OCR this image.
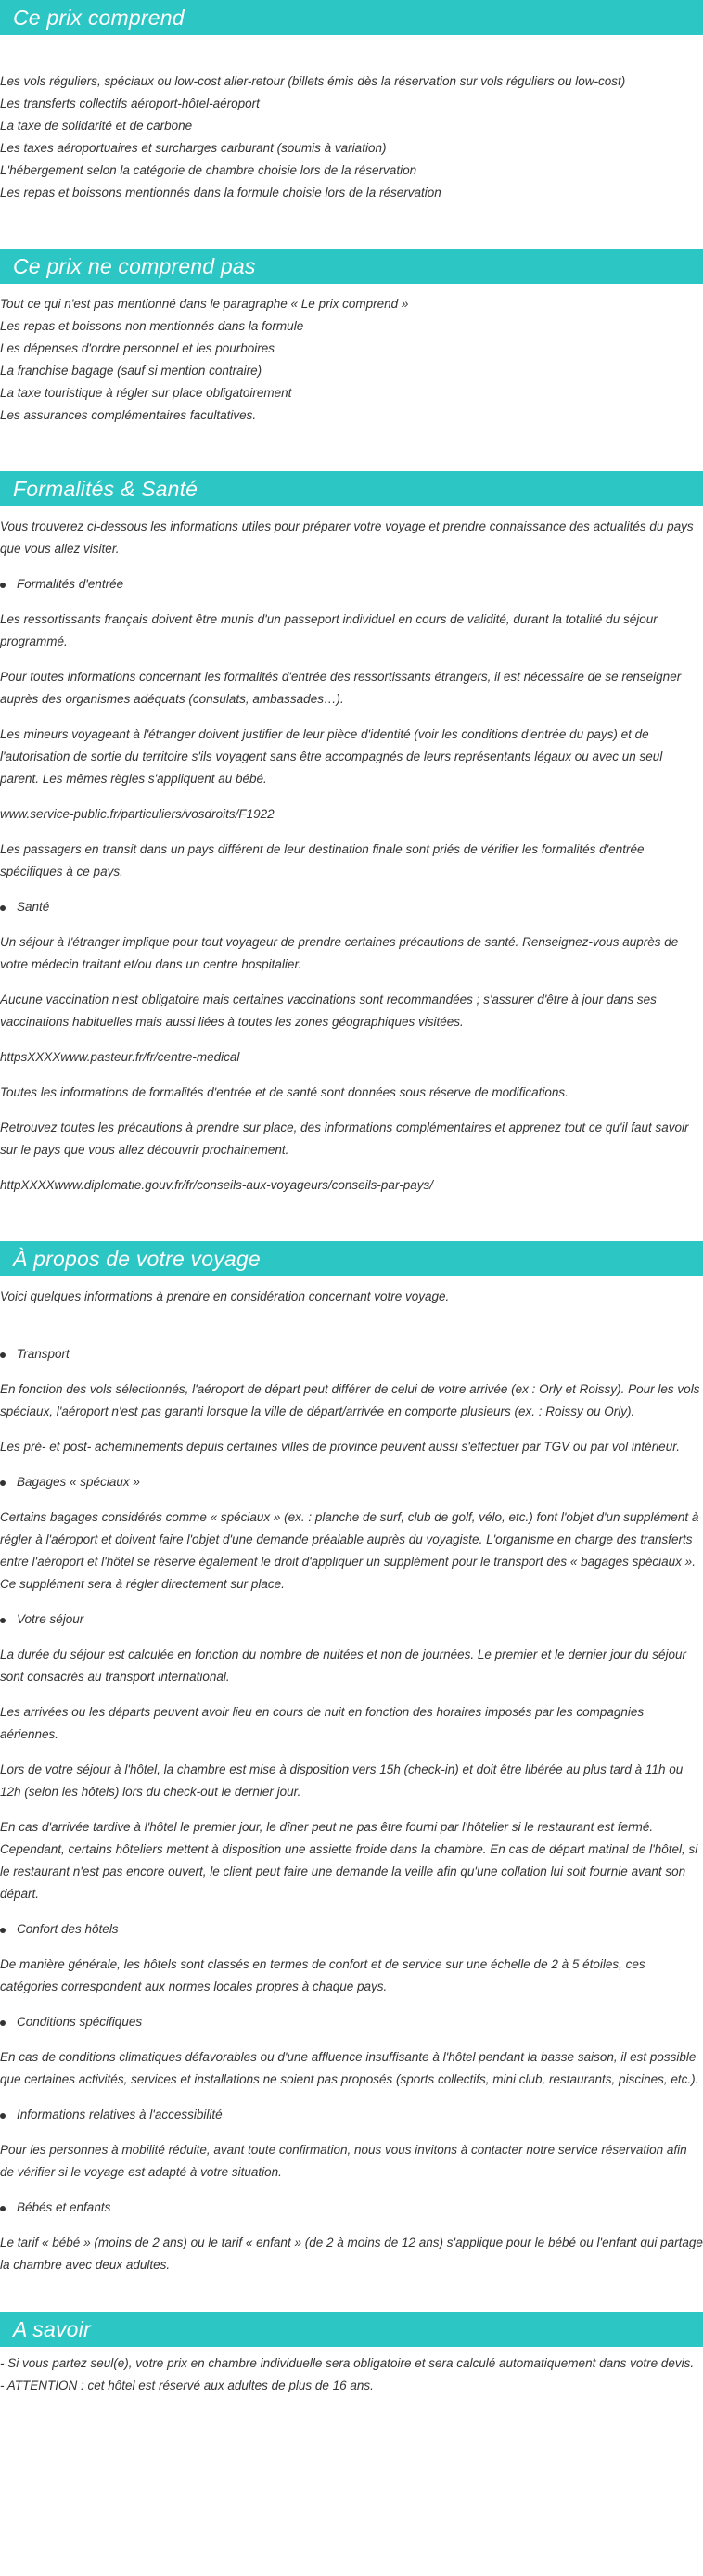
Ce prix comprend

Les vols réguliers, spéciaux ou low-cost aller-retour (billets émis dès la réservation sur vols réguliers ou low-cost)

Les transferts collectifs aéroport-hôtel-aéroport

La taxe de solidarité et de carbone

Les taxes aéroportuaires et surcharges carburant (soumis à variation)

L'hébergement selon la catégorie de chambre choisie lors de la réservation

Les repas et boissons mentionnés dans la formule choisie lors de la réservation

Ce prix ne comprend pas

Tout ce qui n'est pas mentionné dans le paragraphe « Le prix comprend »

Les repas et boissons non mentionnés dans la formule

Les dépenses d'ordre personnel et les pourboires

La franchise bagage (sauf si mention contraire)

La taxe touristique à régler sur place obligatoirement

Les assurances complémentaires facultatives.

Formalités & Santé

Vous trouverez ci-dessous les informations utiles pour préparer votre voyage et prendre connaissance des actualités du pays que vous allez visiter.

Formalités d'entrée

Les ressortissants français doivent être munis d'un passeport individuel en cours de validité, durant la totalité du séjour programmé.

Pour toutes informations concernant les formalités d'entrée des ressortissants étrangers, il est nécessaire de se renseigner auprès des organismes adéquats (consulats, ambassades…).

Les mineurs voyageant à l'étranger doivent justifier de leur pièce d'identité (voir les conditions d'entrée du pays) et de l'autorisation de sortie du territoire s'ils voyagent sans être accompagnés de leurs représentants légaux ou avec un seul parent. Les mêmes règles s'appliquent au bébé.

www.service-public.fr/particuliers/vosdroits/F1922

Les passagers en transit dans un pays différent de leur destination finale sont priés de vérifier les formalités d'entrée spécifiques à ce pays.

Santé

Un séjour à l'étranger implique pour tout voyageur de prendre certaines précautions de santé. Renseignez-vous auprès de votre médecin traitant et/ou dans un centre hospitalier.

Aucune vaccination n'est obligatoire mais certaines vaccinations sont recommandées ; s'assurer d'être à jour dans ses vaccinations habituelles mais aussi liées à toutes les zones géographiques visitées.

httpsXXXXwww.pasteur.fr/fr/centre-medical

Toutes les informations de formalités d'entrée et de santé sont données sous réserve de modifications.

Retrouvez toutes les précautions à prendre sur place, des informations complémentaires et apprenez tout ce qu'il faut savoir sur le pays que vous allez découvrir prochainement.

httpXXXXwww.diplomatie.gouv.fr/fr/conseils-aux-voyageurs/conseils-par-pays/

À propos de votre voyage

Voici quelques informations à prendre en considération concernant votre voyage.

Transport

En fonction des vols sélectionnés, l'aéroport de départ peut différer de celui de votre arrivée (ex : Orly et Roissy). Pour les vols spéciaux, l'aéroport n'est pas garanti lorsque la ville de départ/arrivée en comporte plusieurs (ex. : Roissy ou Orly).

Les pré- et post- acheminements depuis certaines villes de province peuvent aussi s'effectuer par TGV ou par vol intérieur.

Bagages « spéciaux »

Certains bagages considérés comme « spéciaux » (ex. : planche de surf, club de golf, vélo, etc.) font l'objet d'un supplément à régler à l'aéroport et doivent faire l'objet d'une demande préalable auprès du voyagiste. L'organisme en charge des transferts entre l'aéroport et l'hôtel se réserve également le droit d'appliquer un supplément pour le transport des « bagages spéciaux ». Ce supplément sera à régler directement sur place.

Votre séjour

La durée du séjour est calculée en fonction du nombre de nuitées et non de journées. Le premier et le dernier jour du séjour sont consacrés au transport international.

Les arrivées ou les départs peuvent avoir lieu en cours de nuit en fonction des horaires imposés par les compagnies aériennes.

Lors de votre séjour à l'hôtel, la chambre est mise à disposition vers 15h (check-in) et doit être libérée au plus tard à 11h ou 12h (selon les hôtels) lors du check-out le dernier jour.

En cas d'arrivée tardive à l'hôtel le premier jour, le dîner peut ne pas être fourni par l'hôtelier si le restaurant est fermé. Cependant, certains hôteliers mettent à disposition une assiette froide dans la chambre. En cas de départ matinal de l'hôtel, si le restaurant n'est pas encore ouvert, le client peut faire une demande la veille afin qu'une collation lui soit fournie avant son départ.

Confort des hôtels

De manière générale, les hôtels sont classés en termes de confort et de service sur une échelle de 2 à 5 étoiles, ces catégories correspondent aux normes locales propres à chaque pays.

Conditions spécifiques

En cas de conditions climatiques défavorables ou d'une affluence insuffisante à l'hôtel pendant la basse saison, il est possible que certaines activités, services et installations ne soient pas proposés (sports collectifs, mini club, restaurants, piscines, etc.).

Informations relatives à l'accessibilité

Pour les personnes à mobilité réduite, avant toute confirmation, nous vous invitons à contacter notre service réservation afin de vérifier si le voyage est adapté à votre situation.

Bébés et enfants

Le tarif « bébé » (moins de 2 ans) ou le tarif « enfant » (de 2 à moins de 12 ans) s'applique pour le bébé ou l'enfant qui partage la chambre avec deux adultes.

A savoir

- Si vous partez seul(e), votre prix en chambre individuelle sera obligatoire et sera calculé automatiquement dans votre devis.

- ATTENTION : cet hôtel est réservé aux adultes de plus de 16 ans.
